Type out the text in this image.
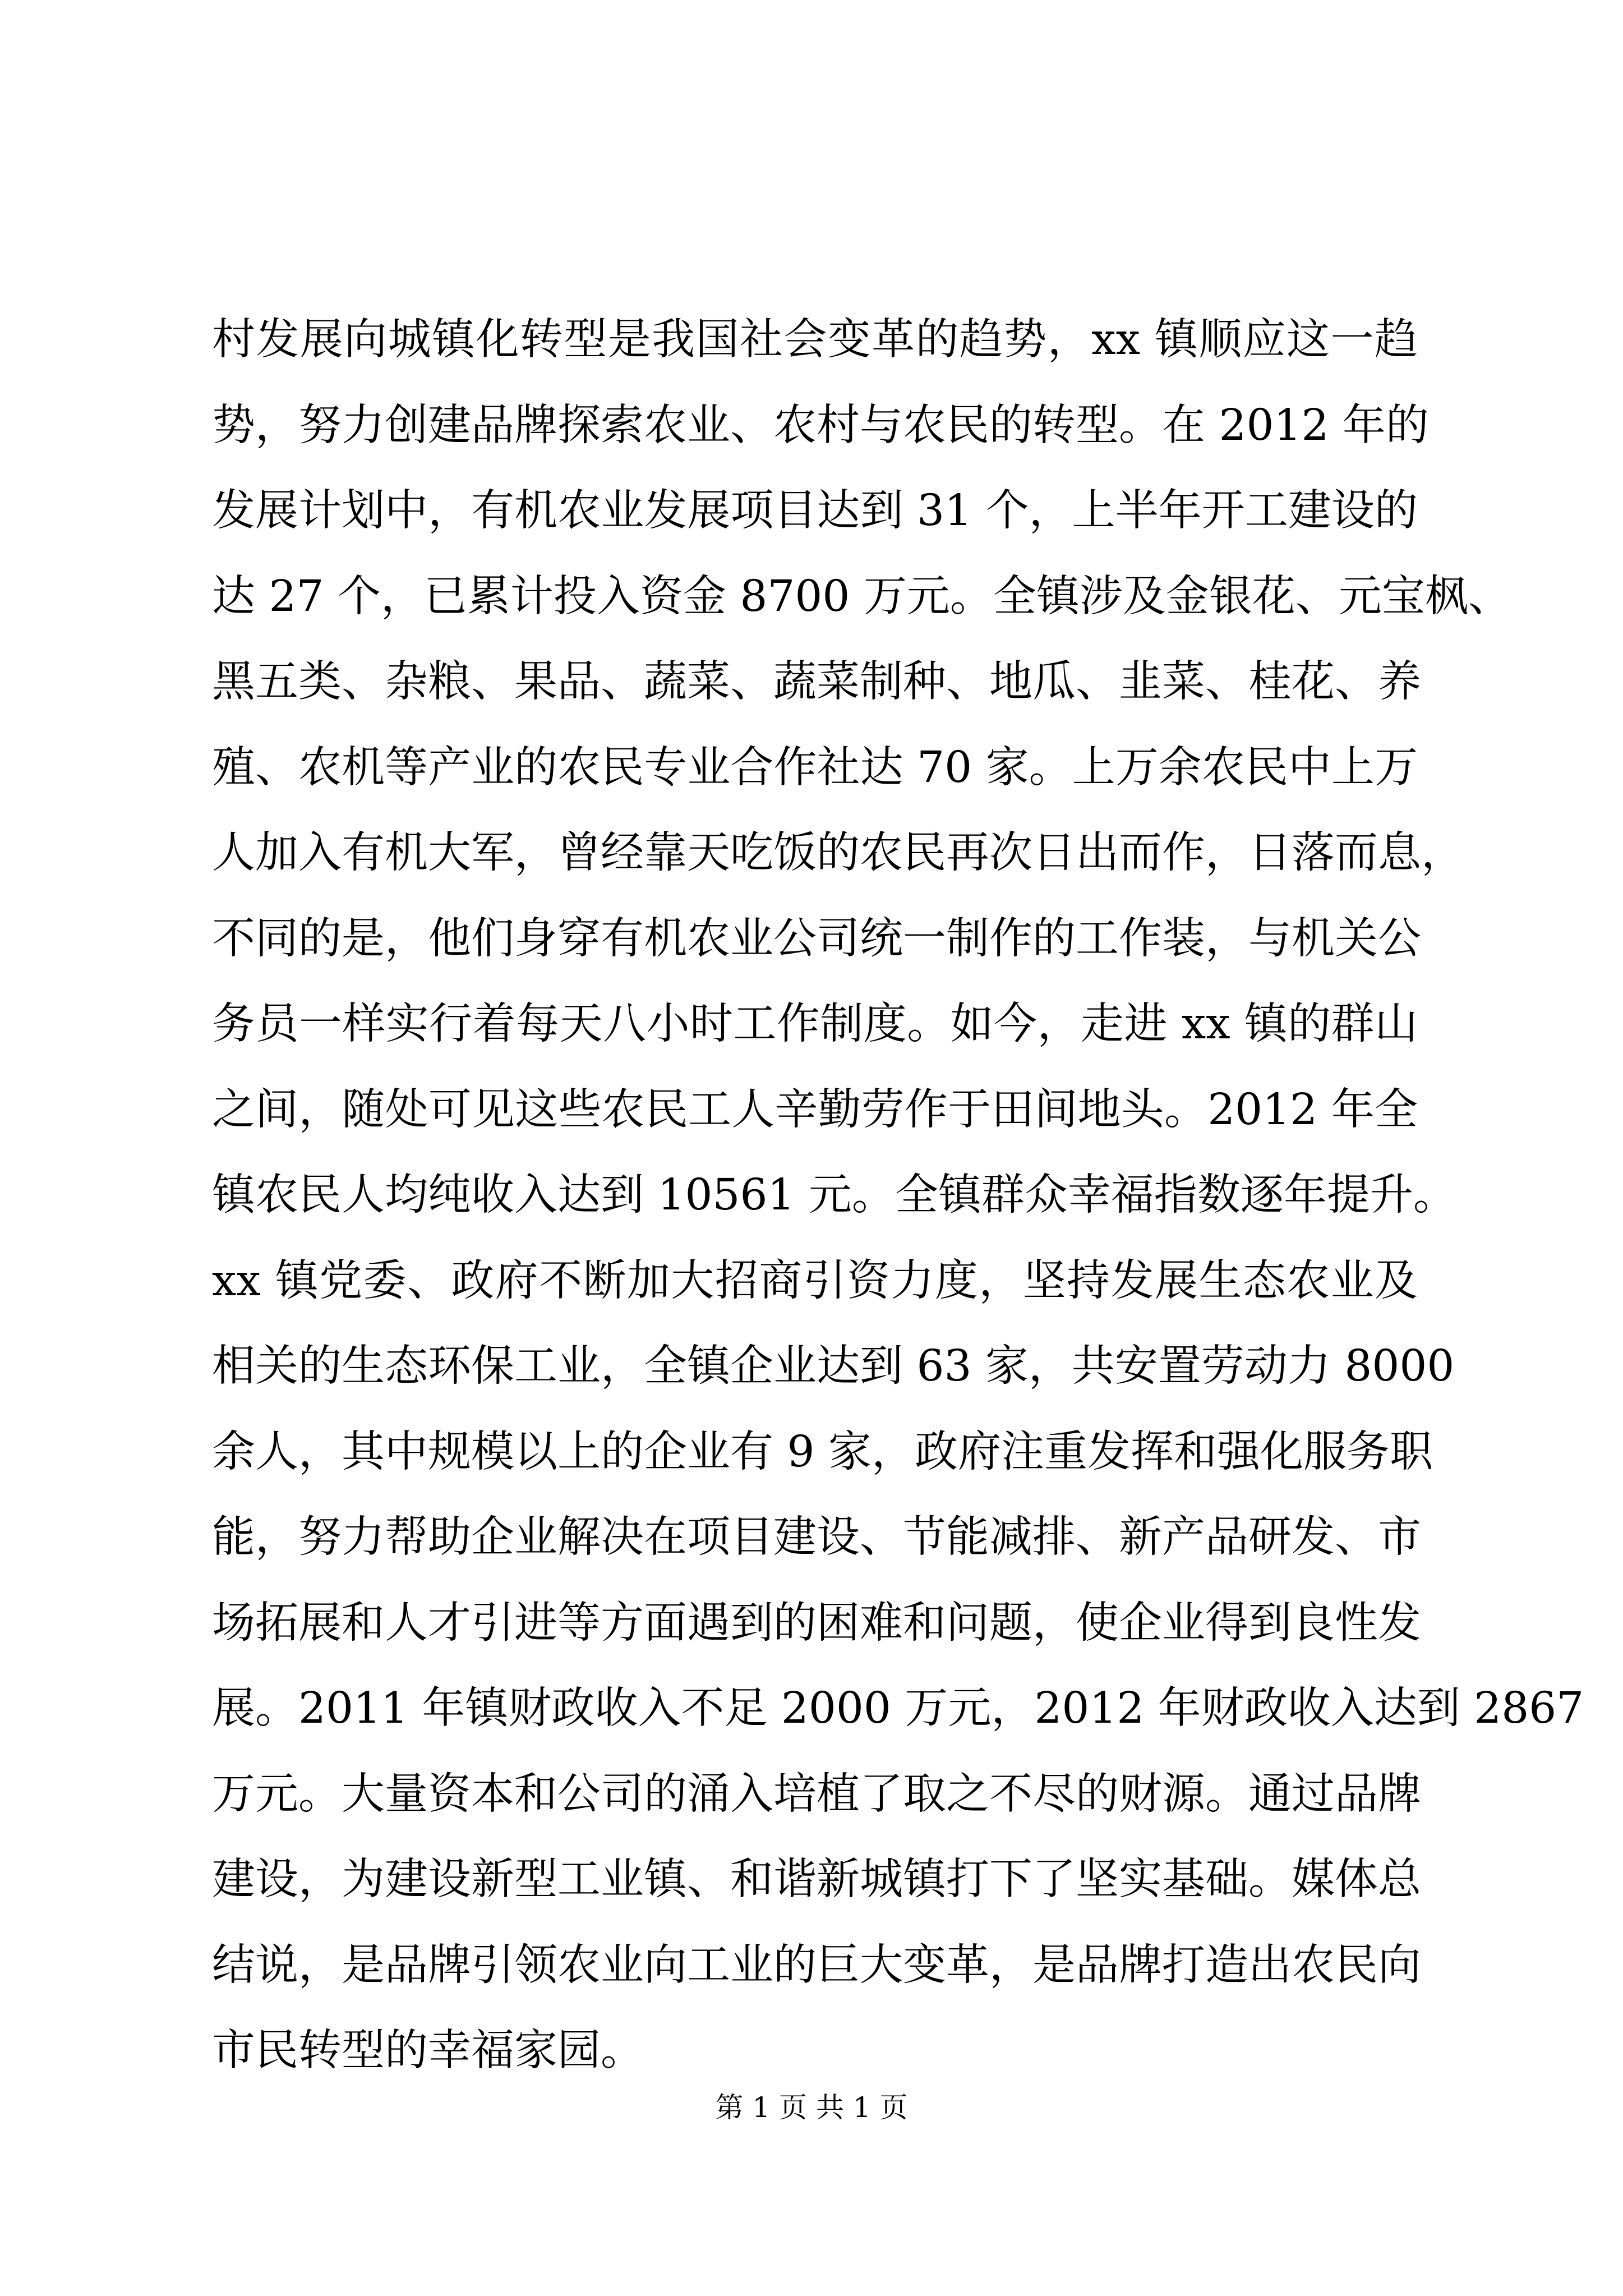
村发展向城镇化转型是我国社会变革的趋势，xx 镇顺应这一趋
势，努力创建品牌探索农业、农村与农民的转型。在 2012 年的
发展计划中，有机农业发展项目达到 31 个，上半年开工建设的
达 27 个，已累计投入资金 8700 万元。全镇涉及金银花、元宝枫、
黑五类、杂粮、果品、蔬菜、蔬菜制种、地瓜、韭菜、桂花、养
殖、农机等产业的农民专业合作社达 70 家。上万余农民中上万
人加入有机大军，曾经靠天吃饭的农民再次日出而作，日落而息，
不同的是，他们身穿有机农业公司统一制作的工作装，与机关公
务员一样实行着每天八小时工作制度。如今，走进 xx 镇的群山
之间，随处可见这些农民工人辛勤劳作于田间地头。2012 年全
镇农民人均纯收入达到 10561 元。全镇群众幸福指数逐年提升。
xx 镇党委、政府不断加大招商引资力度，坚持发展生态农业及
相关的生态环保工业，全镇企业达到 63 家，共安置劳动力 8000
余人，其中规模以上的企业有 9 家，政府注重发挥和强化服务职
能，努力帮助企业解决在项目建设、节能减排、新产品研发、市
场拓展和人才引进等方面遇到的困难和问题，使企业得到良性发
展。2011 年镇财政收入不足 2000 万元，2012 年财政收入达到 2867
万元。大量资本和公司的涌入培植了取之不尽的财源。通过品牌
建设，为建设新型工业镇、和谐新城镇打下了坚实基础。媒体总
结说，是品牌引领农业向工业的巨大变革，是品牌打造出农民向
市民转型的幸福家园。
第 1 页 共 1 页
